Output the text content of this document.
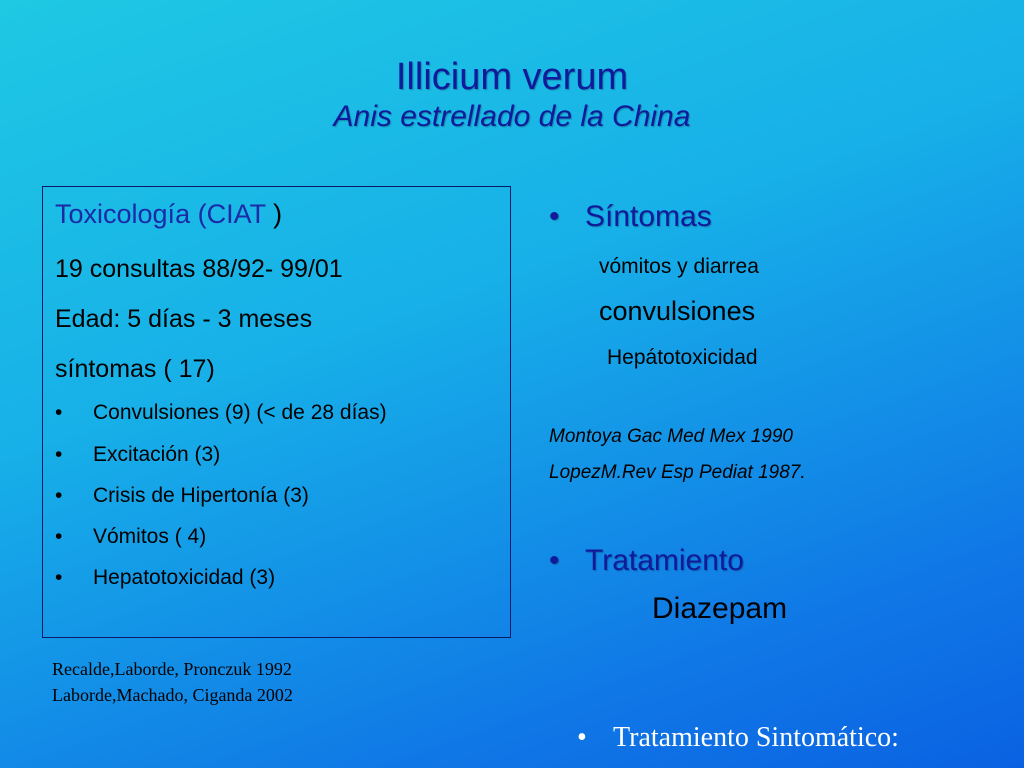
Illicium verum
Anis estrellado de la China
Toxicología (CIAT )
19 consultas 88/92- 99/01
Edad: 5 días - 3 meses
síntomas ( 17)
• Convulsiones (9) (< de 28 días)
• Excitación (3)
• Crisis de Hipertonía (3)
• Vómitos ( 4)
• Hepatotoxicidad (3)
Recalde,Laborde, Pronczuk 1992
Laborde,Machado, Ciganda 2002
• Síntomas
vómitos y diarrea
convulsiones
Hepátotoxicidad
Montoya Gac Med Mex 1990
LopezM.Rev Esp Pediat 1987.
• Tratamiento
Diazepam
• Tratamiento Sintomático:
